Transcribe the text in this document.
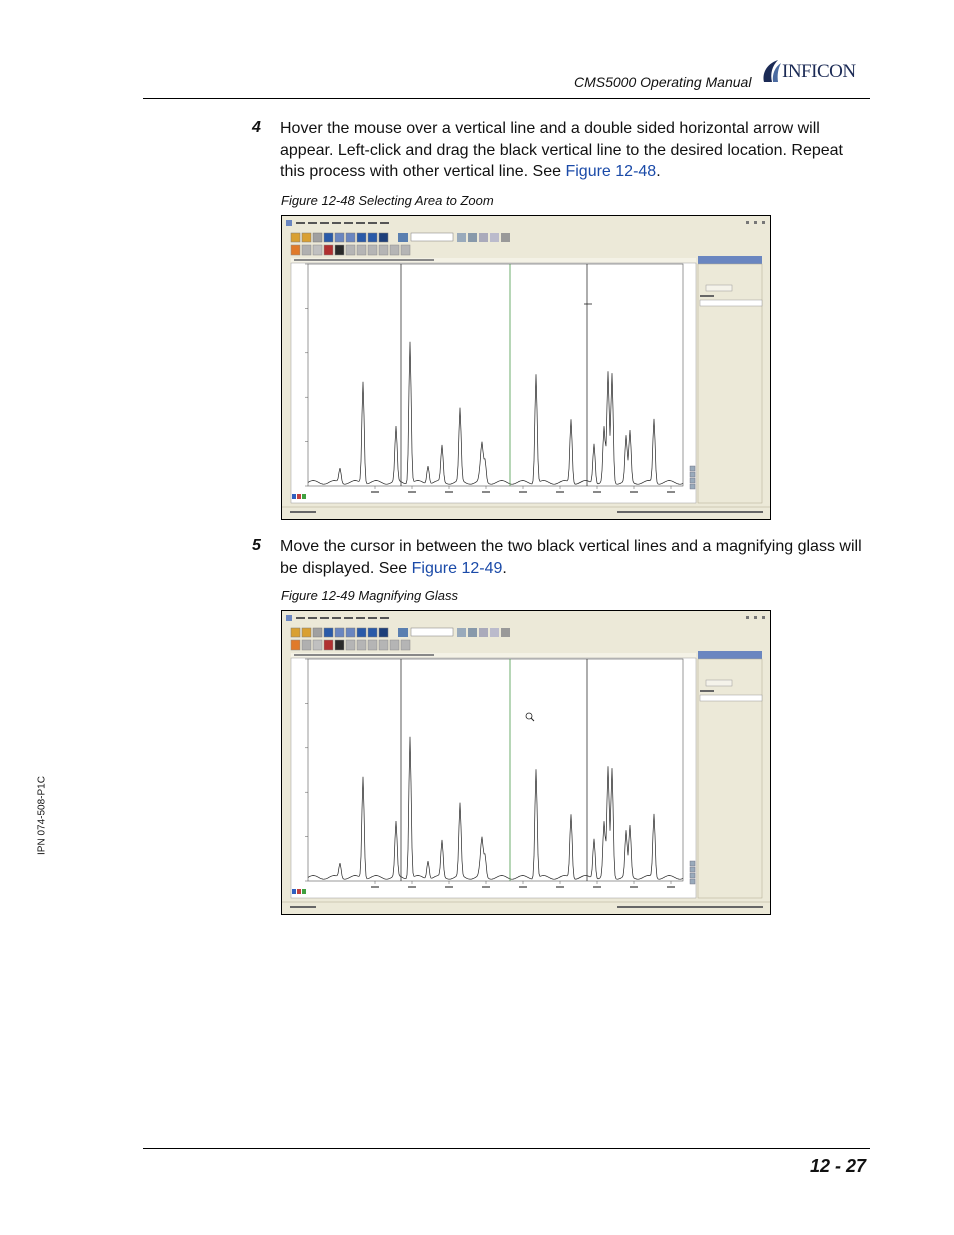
CMS5000 Operating Manual INFICON
IPN 074-508-P1C
4 Hover the mouse over a vertical line and a double sided horizontal arrow will appear. Left-click and drag the black vertical line to the desired location. Repeat this process with other vertical line. See Figure 12-48.
Figure 12-48 Selecting Area to Zoom
5 Move the cursor in between the two black vertical lines and a magnifying glass will be displayed. See Figure 12-49.
Figure 12-49 Magnifying Glass
12 - 27
